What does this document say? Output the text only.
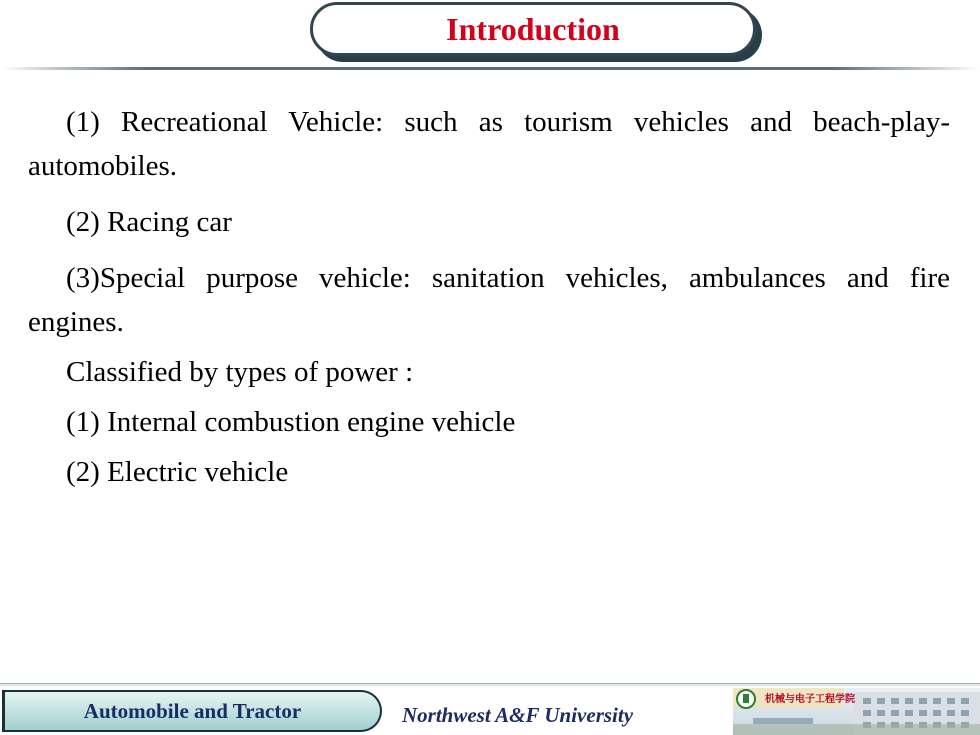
Introduction

(1) Recreational Vehicle: such as tourism vehicles and beach-play-automobiles.

(2) Racing car

(3)Special purpose vehicle: sanitation vehicles, ambulances and fire engines.

Classified by types of power :

(1) Internal combustion engine vehicle

(2) Electric vehicle

Automobile and Tractor	Northwest A&F University
机械与电子工程学院
